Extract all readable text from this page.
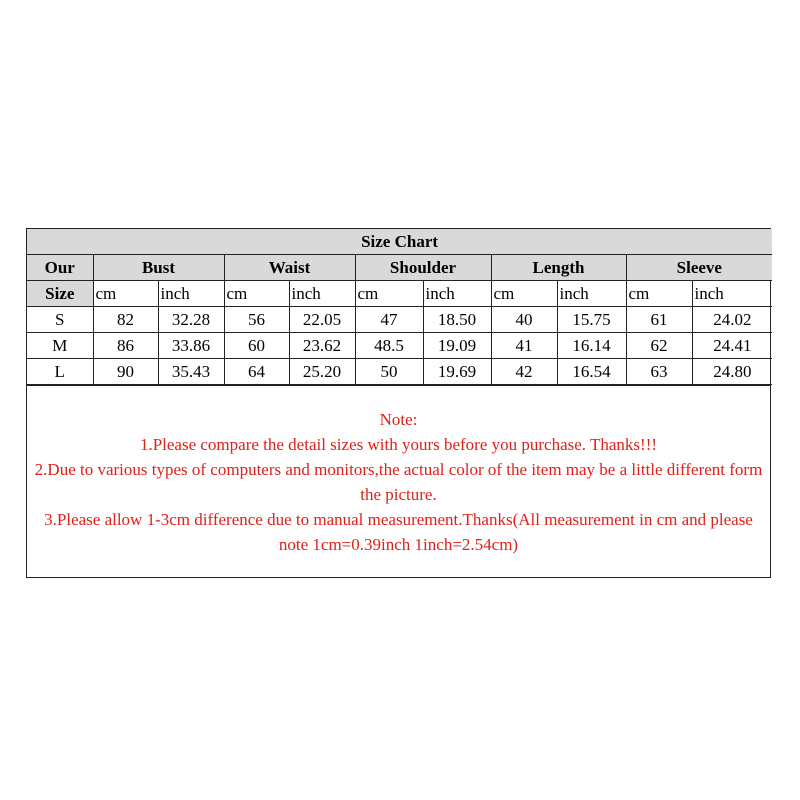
Size Chart										
Our	Bust		Waist		Shoulder		Length		Sleeve	
Size	cm	inch	cm	inch	cm	inch	cm	inch	cm	inch
S	82	32.28	56	22.05	47	18.50	40	15.75	61	24.02
M	86	33.86	60	23.62	48.5	19.09	41	16.14	62	24.41
L	90	35.43	64	25.20	50	19.69	42	16.54	63	24.80
Note:
1.Please compare the detail sizes with yours before you purchase. Thanks!!!
2.Due to various types of computers and monitors,the actual color of the item may be a little different form the picture.
3.Please allow 1-3cm difference due to manual measurement.Thanks(All measurement in cm and please note 1cm=0.39inch 1inch=2.54cm)
